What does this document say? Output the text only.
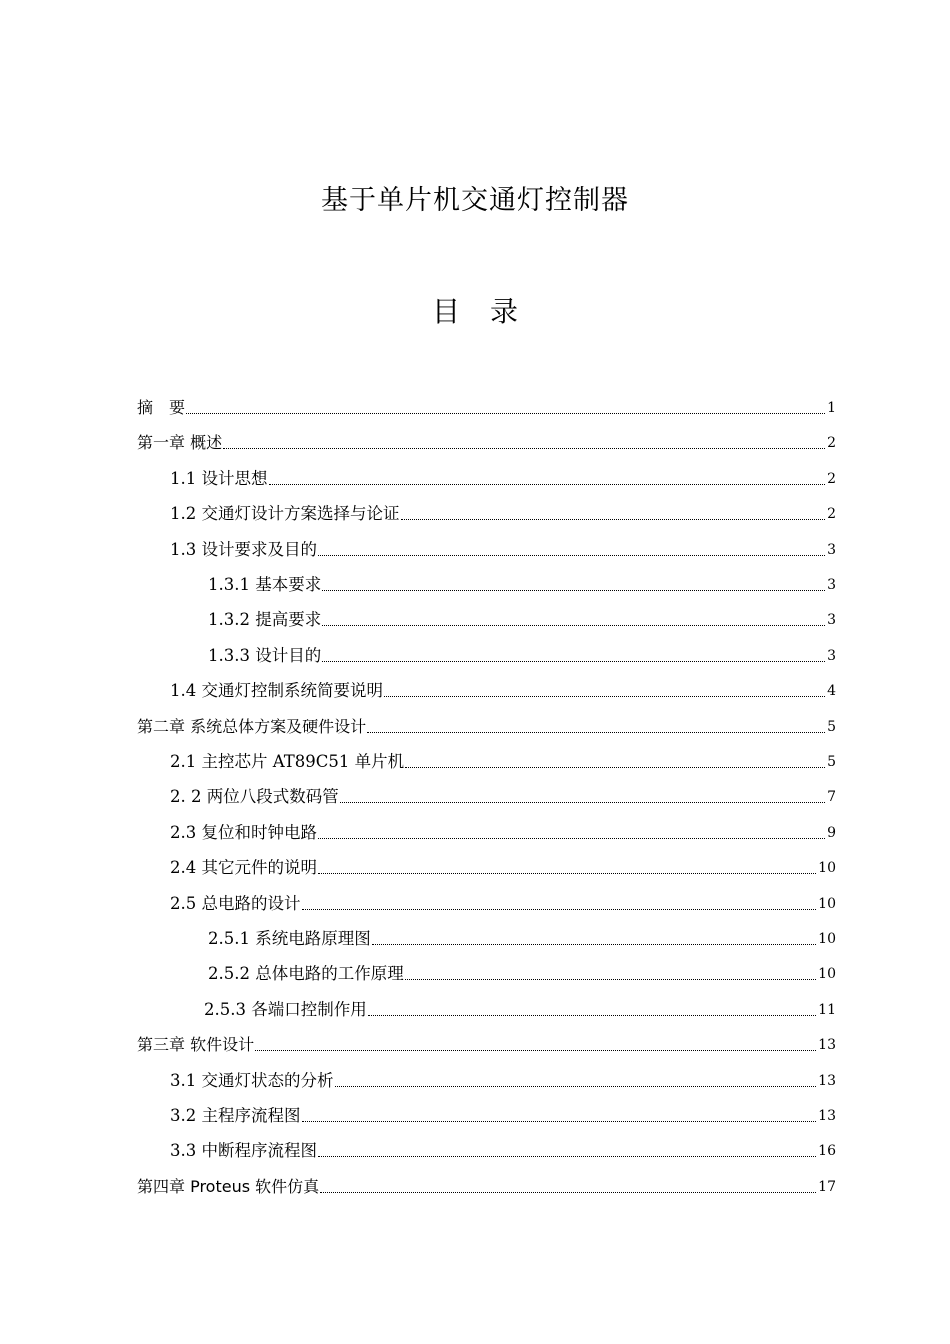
基于单片机交通灯控制器
目录
摘　要	1
第一章 概述	2
1.1 设计思想	2
1.2 交通灯设计方案选择与论证	2
1.3 设计要求及目的	3
1.3.1 基本要求	3
1.3.2 提高要求	3
1.3.3 设计目的	3
1.4 交通灯控制系统简要说明	4
第二章 系统总体方案及硬件设计	5
2.1 主控芯片 AT89C51 单片机	5
2. 2 两位八段式数码管	7
2.3 复位和时钟电路	9
2.4 其它元件的说明	10
2.5 总电路的设计	10
2.5.1 系统电路原理图	10
2.5.2 总体电路的工作原理	10
2.5.3 各端口控制作用	11
第三章 软件设计	13
3.1 交通灯状态的分析	13
3.2 主程序流程图	13
3.3 中断程序流程图	16
第四章 Proteus 软件仿真	17
